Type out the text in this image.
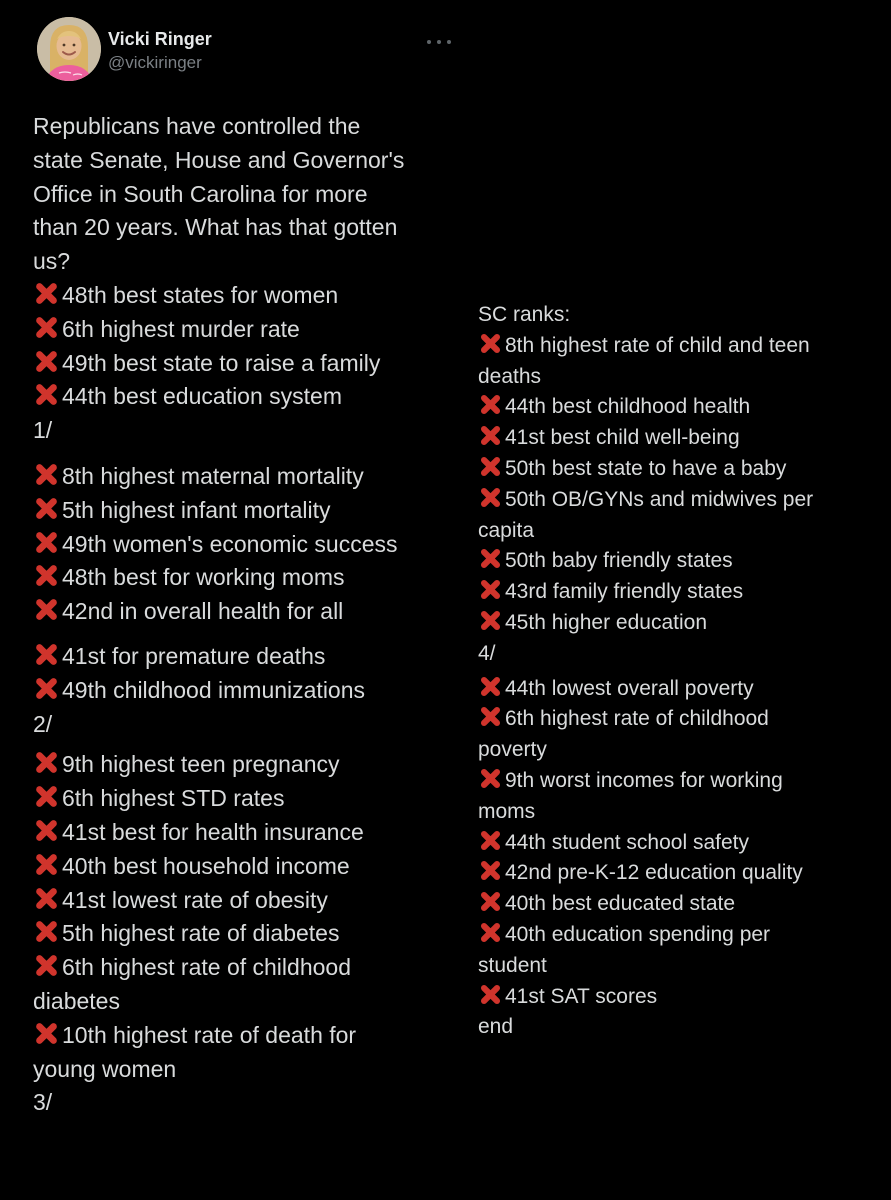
Vicki Ringer
@vickiringer
Republicans have controlled the
state Senate, House and Governor's
Office in South Carolina for more
than 20 years. What has that gotten
us?
48th best states for women
6th highest murder rate
49th best state to raise a family
44th best education system
1/
8th highest maternal mortality
5th highest infant mortality
49th women's economic success
48th best for working moms
42nd in overall health for all
41st for premature deaths
49th childhood immunizations
2/
9th highest teen pregnancy
6th highest STD rates
41st best for health insurance
40th best household income
41st lowest rate of obesity
5th highest rate of diabetes
6th highest rate of childhood
diabetes
10th highest rate of death for
young women
3/
SC ranks:
8th highest rate of child and teen
deaths
44th best childhood health
41st best child well-being
50th best state to have a baby
50th OB/GYNs and midwives per
capita
50th baby friendly states
43rd family friendly states
45th higher education
4/
44th lowest overall poverty
6th highest rate of childhood
poverty
9th worst incomes for working
moms
44th student school safety
42nd pre-K-12 education quality
40th best educated state
40th education spending per
student
41st SAT scores
end
